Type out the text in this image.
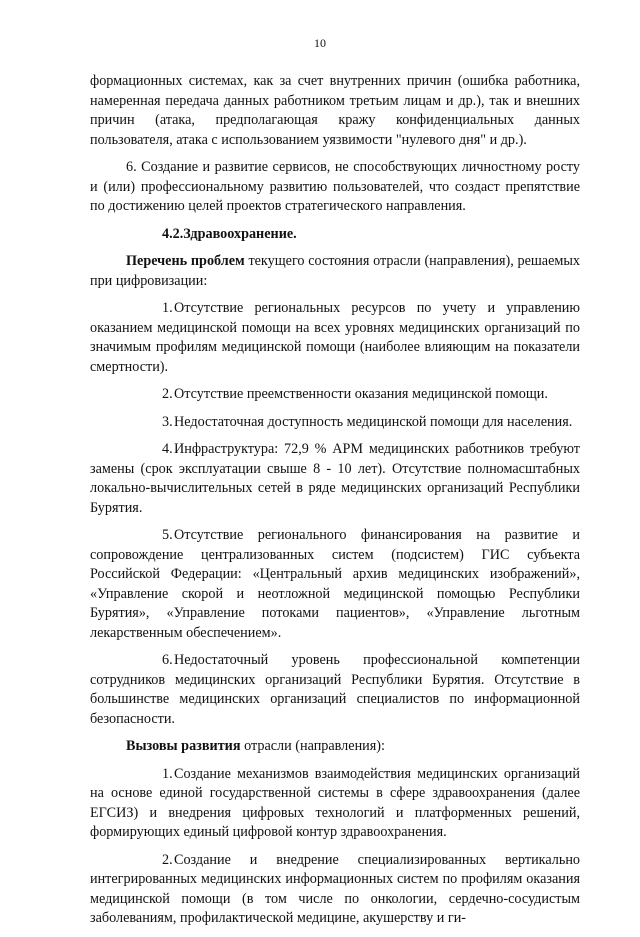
10

формационных системах, как за счет внутренних причин (ошибка работника, намеренная передача данных работником третьим лицам и др.), так и внешних причин (атака, предполагающая кражу конфиденциальных данных пользователя, атака с использованием уязвимости "нулевого дня" и др.).

6. Создание и развитие сервисов, не способствующих личностному росту и (или) профессиональному развитию пользователей, что создаст препятствие по достижению целей проектов стратегического направления.

4.2.Здравоохранение.

Перечень проблем текущего состояния отрасли (направления), решаемых при цифровизации:

1.Отсутствие региональных ресурсов по учету и управлению оказанием медицинской помощи на всех уровнях медицинских организаций по значимым профилям медицинской помощи (наиболее влияющим на показатели смертности).

2.Отсутствие преемственности оказания медицинской помощи.

3.Недостаточная доступность медицинской помощи для населения.

4.Инфраструктура: 72,9 % АРМ медицинских работников требуют замены (срок эксплуатации свыше 8 - 10 лет). Отсутствие полномасштабных локально-вычислительных сетей в ряде медицинских организаций Республики Бурятия.

5.Отсутствие регионального финансирования на развитие и сопровождение централизованных систем (подсистем) ГИС субъекта Российской Федерации: «Центральный архив медицинских изображений», «Управление скорой и неотложной медицинской помощью Республики Бурятия», «Управление потоками пациентов», «Управление льготным лекарственным обеспечением».

6.Недостаточный уровень профессиональной компетенции сотрудников медицинских организаций Республики Бурятия. Отсутствие в большинстве медицинских организаций специалистов по информационной безопасности.

Вызовы развития отрасли (направления):

1.Создание механизмов взаимодействия медицинских организаций на основе единой государственной системы в сфере здравоохранения (далее ЕГСИЗ) и внедрения цифровых технологий и платформенных решений, формирующих единый цифровой контур здравоохранения.

2.Создание и внедрение специализированных вертикально интегрированных медицинских информационных систем по профилям оказания медицинской помощи (в том числе по онкологии, сердечно-сосудистым заболеваниям, профилактической медицине, акушерству и ги-
